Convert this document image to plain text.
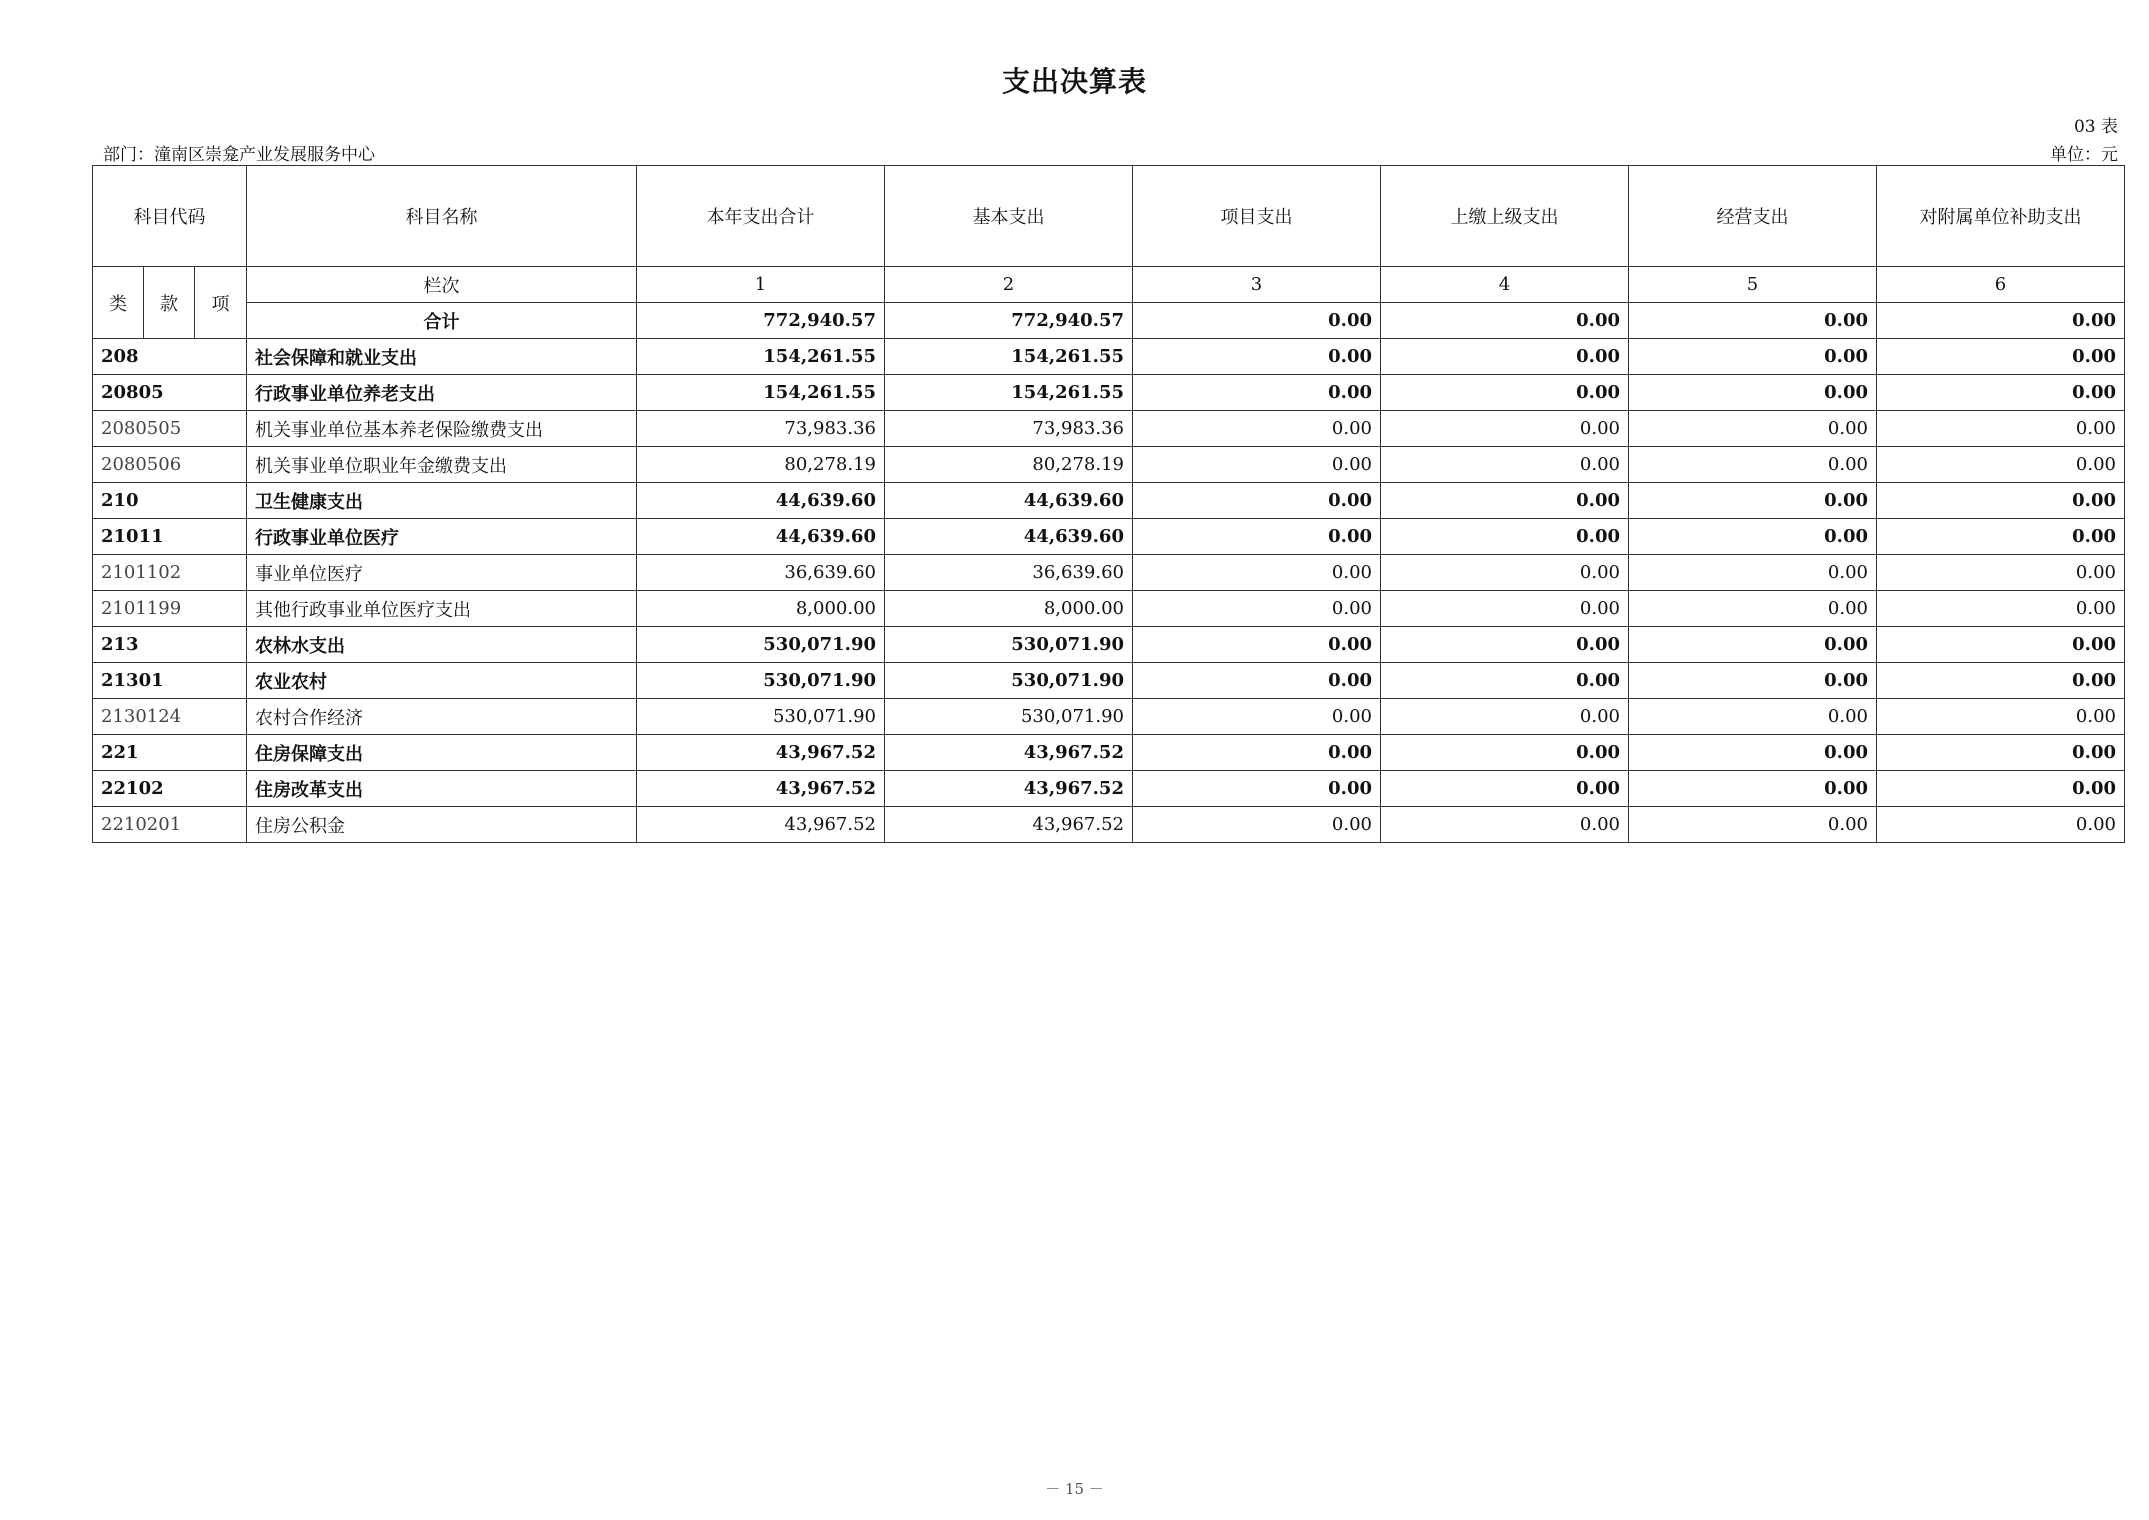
支出决算表
03 表
部门：潼南区崇龛产业发展服务中心	单位：元
科目代码			科目名称	本年支出合计	基本支出	项目支出	上缴上级支出	经营支出	对附属单位补助支出
类	款	项	栏次	1	2	3	4	5	6
			合计	772,940.57	772,940.57	0.00	0.00	0.00	0.00
208			社会保障和就业支出	154,261.55	154,261.55	0.00	0.00	0.00	0.00
20805			行政事业单位养老支出	154,261.55	154,261.55	0.00	0.00	0.00	0.00
2080505			机关事业单位基本养老保险缴费支出	73,983.36	73,983.36	0.00	0.00	0.00	0.00
2080506			机关事业单位职业年金缴费支出	80,278.19	80,278.19	0.00	0.00	0.00	0.00
210			卫生健康支出	44,639.60	44,639.60	0.00	0.00	0.00	0.00
21011			行政事业单位医疗	44,639.60	44,639.60	0.00	0.00	0.00	0.00
2101102			事业单位医疗	36,639.60	36,639.60	0.00	0.00	0.00	0.00
2101199			其他行政事业单位医疗支出	8,000.00	8,000.00	0.00	0.00	0.00	0.00
213			农林水支出	530,071.90	530,071.90	0.00	0.00	0.00	0.00
21301			农业农村	530,071.90	530,071.90	0.00	0.00	0.00	0.00
2130124			农村合作经济	530,071.90	530,071.90	0.00	0.00	0.00	0.00
221			住房保障支出	43,967.52	43,967.52	0.00	0.00	0.00	0.00
22102			住房改革支出	43,967.52	43,967.52	0.00	0.00	0.00	0.00
2210201			住房公积金	43,967.52	43,967.52	0.00	0.00	0.00	0.00
－ 15 －
